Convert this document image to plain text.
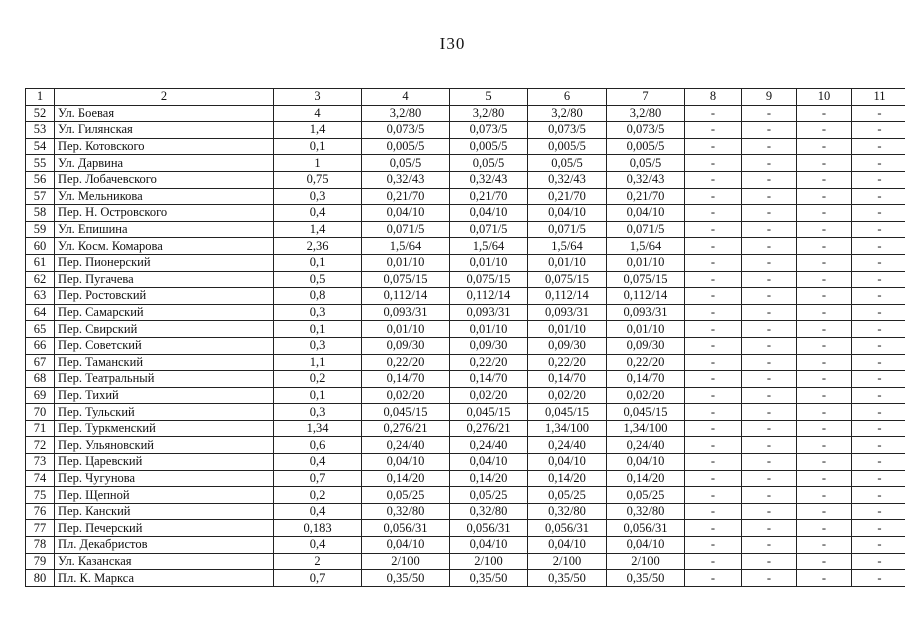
I30
1	2	3	4	5	6	7	8	9	10	11
52	Ул. Боевая	4	3,2/80	3,2/80	3,2/80	3,2/80	-	-	-	-
53	Ул. Гилянская	1,4	0,073/5	0,073/5	0,073/5	0,073/5	-	-	-	-
54	Пер. Котовского	0,1	0,005/5	0,005/5	0,005/5	0,005/5	-	-	-	-
55	Ул. Дарвина	1	0,05/5	0,05/5	0,05/5	0,05/5	-	-	-	-
56	Пер. Лобачевского	0,75	0,32/43	0,32/43	0,32/43	0,32/43	-	-	-	-
57	Ул. Мельникова	0,3	0,21/70	0,21/70	0,21/70	0,21/70	-	-	-	-
58	Пер. Н. Островского	0,4	0,04/10	0,04/10	0,04/10	0,04/10	-	-	-	-
59	Ул. Епишина	1,4	0,071/5	0,071/5	0,071/5	0,071/5	-	-	-	-
60	Ул. Косм. Комарова	2,36	1,5/64	1,5/64	1,5/64	1,5/64	-	-	-	-
61	Пер. Пионерский	0,1	0,01/10	0,01/10	0,01/10	0,01/10	-	-	-	-
62	Пер. Пугачева	0,5	0,075/15	0,075/15	0,075/15	0,075/15	-	-	-	-
63	Пер. Ростовский	0,8	0,112/14	0,112/14	0,112/14	0,112/14	-	-	-	-
64	Пер. Самарский	0,3	0,093/31	0,093/31	0,093/31	0,093/31	-	-	-	-
65	Пер. Свирский	0,1	0,01/10	0,01/10	0,01/10	0,01/10	-	-	-	-
66	Пер. Советский	0,3	0,09/30	0,09/30	0,09/30	0,09/30	-	-	-	-
67	Пер. Таманский	1,1	0,22/20	0,22/20	0,22/20	0,22/20	-	-	-	-
68	Пер. Театральный	0,2	0,14/70	0,14/70	0,14/70	0,14/70	-	-	-	-
69	Пер. Тихий	0,1	0,02/20	0,02/20	0,02/20	0,02/20	-	-	-	-
70	Пер. Тульский	0,3	0,045/15	0,045/15	0,045/15	0,045/15	-	-	-	-
71	Пер. Туркменский	1,34	0,276/21	0,276/21	1,34/100	1,34/100	-	-	-	-
72	Пер. Ульяновский	0,6	0,24/40	0,24/40	0,24/40	0,24/40	-	-	-	-
73	Пер. Царевский	0,4	0,04/10	0,04/10	0,04/10	0,04/10	-	-	-	-
74	Пер. Чугунова	0,7	0,14/20	0,14/20	0,14/20	0,14/20	-	-	-	-
75	Пер. Щепной	0,2	0,05/25	0,05/25	0,05/25	0,05/25	-	-	-	-
76	Пер. Канский	0,4	0,32/80	0,32/80	0,32/80	0,32/80	-	-	-	-
77	Пер. Печерский	0,183	0,056/31	0,056/31	0,056/31	0,056/31	-	-	-	-
78	Пл. Декабристов	0,4	0,04/10	0,04/10	0,04/10	0,04/10	-	-	-	-
79	Ул. Казанская	2	2/100	2/100	2/100	2/100	-	-	-	-
80	Пл. К. Маркса	0,7	0,35/50	0,35/50	0,35/50	0,35/50	-	-	-	-
